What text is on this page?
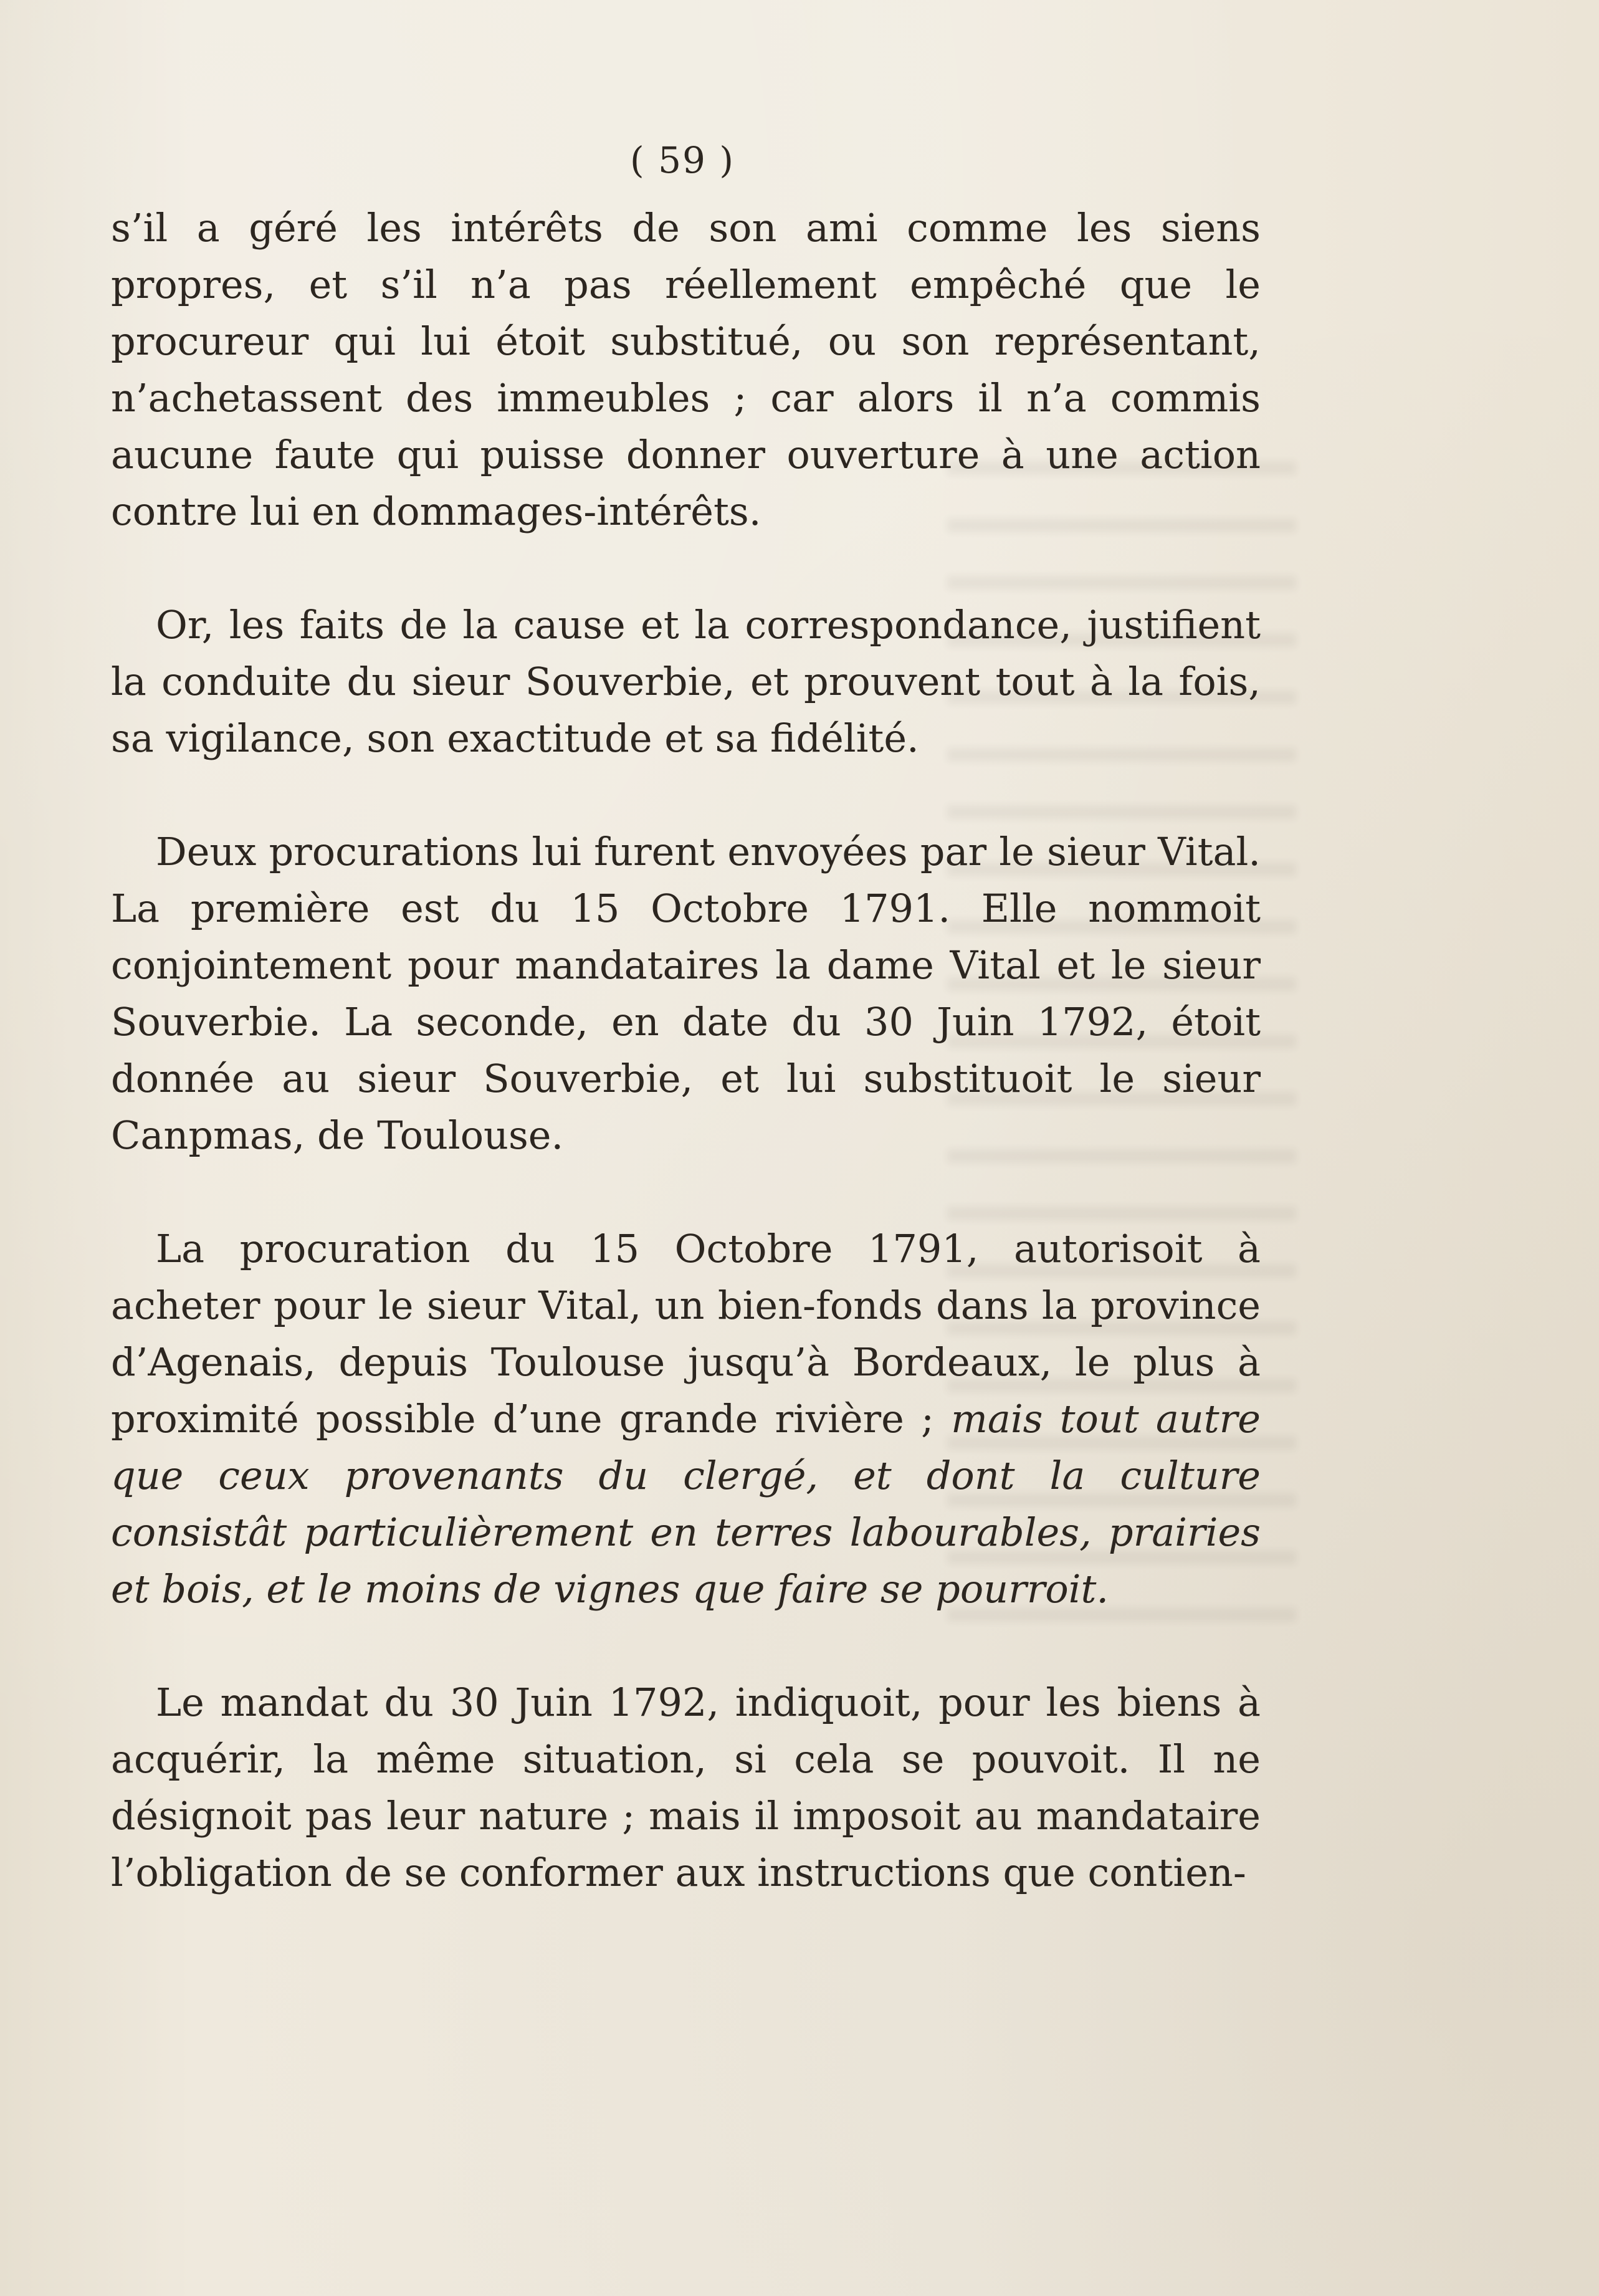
( 59 )

s’il a géré les intérêts de son ami comme les siens propres, et s’il n’a pas réellement empêché que le procureur qui lui étoit substitué, ou son représentant, n’achetassent des immeubles ; car alors il n’a commis aucune faute qui puisse donner ouverture à une action contre lui en dommages-intérêts.

Or, les faits de la cause et la correspondance, justifient la conduite du sieur Souverbie, et prouvent tout à la fois, sa vigilance, son exactitude et sa fidélité.

Deux procurations lui furent envoyées par le sieur Vital. La première est du 15 Octobre 1791. Elle nommoit conjointement pour mandataires la dame Vital et le sieur Souverbie. La seconde, en date du 30 Juin 1792, étoit donnée au sieur Souverbie, et lui substituoit le sieur Canpmas, de Toulouse.

La procuration du 15 Octobre 1791, autorisoit à acheter pour le sieur Vital, un bien-fonds dans la province d’Agenais, depuis Toulouse jusqu’à Bordeaux, le plus à proximité possible d’une grande rivière ; mais tout autre que ceux provenants du clergé, et dont la culture consistât particulièrement en terres labourables, prairies et bois, et le moins de vignes que faire se pourroit.

Le mandat du 30 Juin 1792, indiquoit, pour les biens à acquérir, la même situation, si cela se pouvoit. Il ne désignoit pas leur nature ; mais il imposoit au mandataire l’obligation de se conformer aux instructions que contien-
